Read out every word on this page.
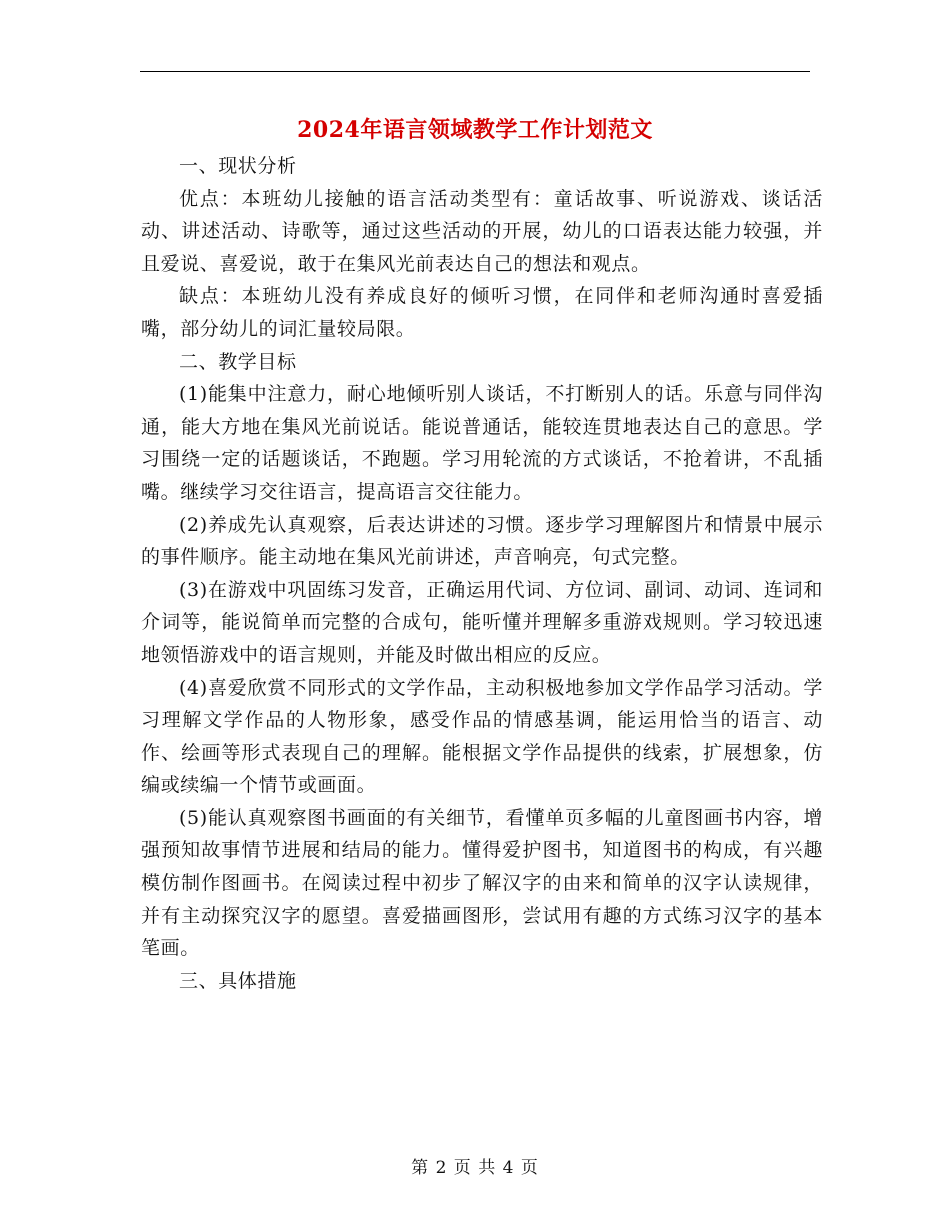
2024年语言领域教学工作计划范文

一、现状分析

优点：本班幼儿接触的语言活动类型有：童话故事、听说游戏、谈话活动、讲述活动、诗歌等，通过这些活动的开展，幼儿的口语表达能力较强，并且爱说、喜爱说，敢于在集风光前表达自己的想法和观点。

缺点：本班幼儿没有养成良好的倾听习惯，在同伴和老师沟通时喜爱插嘴，部分幼儿的词汇量较局限。

二、教学目标

(1)能集中注意力，耐心地倾听别人谈话，不打断别人的话。乐意与同伴沟通，能大方地在集风光前说话。能说普通话，能较连贯地表达自己的意思。学习围绕一定的话题谈话，不跑题。学习用轮流的方式谈话，不抢着讲，不乱插嘴。继续学习交往语言，提高语言交往能力。

(2)养成先认真观察，后表达讲述的习惯。逐步学习理解图片和情景中展示的事件顺序。能主动地在集风光前讲述，声音响亮，句式完整。

(3)在游戏中巩固练习发音，正确运用代词、方位词、副词、动词、连词和介词等，能说简单而完整的合成句，能听懂并理解多重游戏规则。学习较迅速地领悟游戏中的语言规则，并能及时做出相应的反应。

(4)喜爱欣赏不同形式的文学作品，主动积极地参加文学作品学习活动。学习理解文学作品的人物形象，感受作品的情感基调，能运用恰当的语言、动作、绘画等形式表现自己的理解。能根据文学作品提供的线索，扩展想象，仿编或续编一个情节或画面。

(5)能认真观察图书画面的有关细节，看懂单页多幅的儿童图画书内容，增强预知故事情节进展和结局的能力。懂得爱护图书，知道图书的构成，有兴趣模仿制作图画书。在阅读过程中初步了解汉字的由来和简单的汉字认读规律，并有主动探究汉字的愿望。喜爱描画图形，尝试用有趣的方式练习汉字的基本笔画。

三、具体措施

第 2 页 共 4 页
